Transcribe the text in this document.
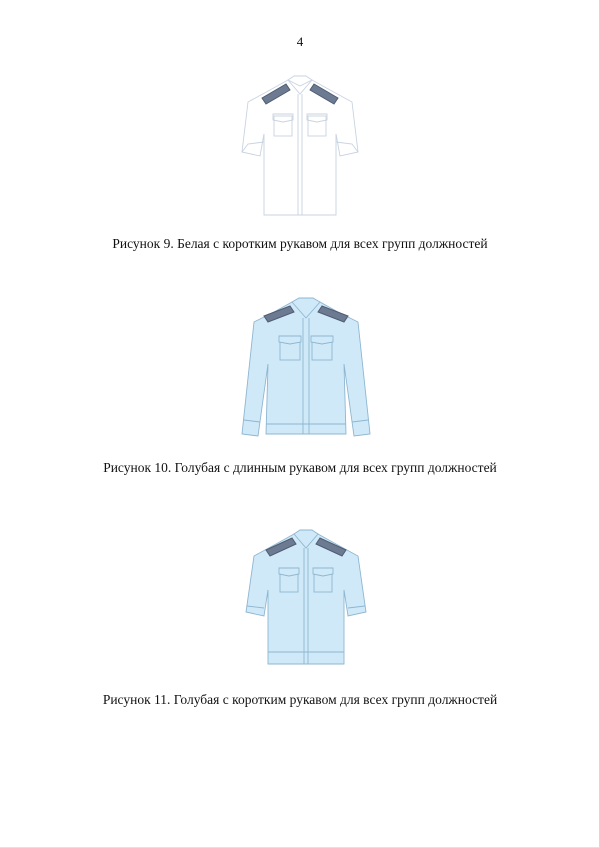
4
Рисунок 9. Белая с коротким рукавом для всех групп должностей
Рисунок 10. Голубая с длинным рукавом для всех групп должностей
Рисунок 11. Голубая с коротким рукавом для всех групп должностей
